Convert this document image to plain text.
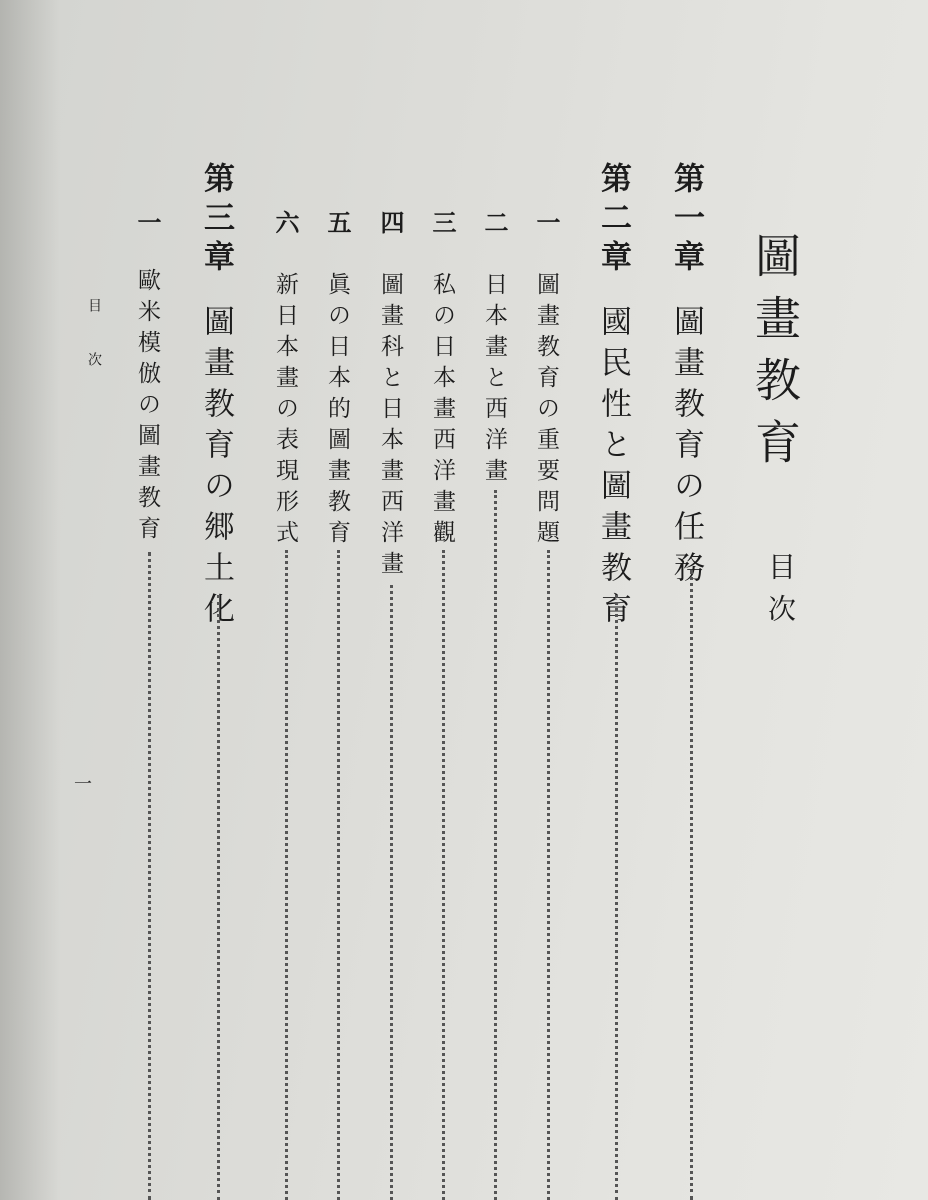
圖畫教育
目次
第一章
圖畫教育の任務
第二章
國民性と圖畫教育
一
圖畫教育の重要問題
二
日本畫と西洋畫
三
私の日本畫西洋畫觀
四
圖畫科と日本畫西洋畫
五
眞の日本的圖畫教育
六
新日本畫の表現形式
第三章
圖畫教育の郷土化
一
歐米模倣の圖畫教育
目次
一
